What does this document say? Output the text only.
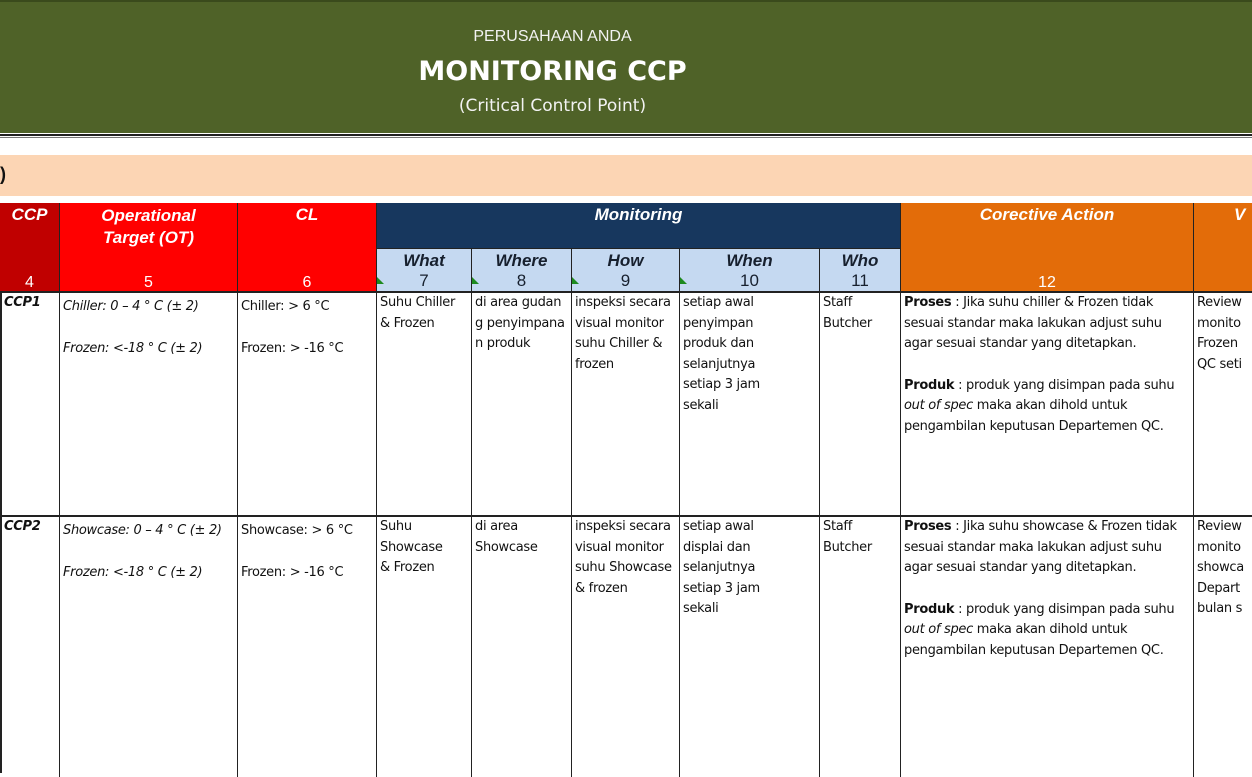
PERUSAHAAN ANDA
MONITORING CCP
(Critical Control Point)
)
CCP
4
Operational Target (OT)
5
CL
6
Monitoring
What
7
Where
8
How
9
When
10
Who
11
Corective Action
12
V
CCP1	Chiller: 0 – 4 ° C (± 2)
Frozen: <-18 ° C (± 2)
Chiller: > 6 °C
Frozen: > -16 °C
Suhu Chiller & Frozen
di area gudang penyimpanan produk
inspeksi secara visual monitor suhu Chiller & frozen
setiap awal penyimpan produk dan selanjutnya setiap 3 jam sekali
Staff Butcher
Proses : Jika suhu chiller & Frozen tidak sesuai standar maka lakukan adjust suhu agar sesuai standar yang ditetapkan.
Produk : produk yang disimpan pada suhu out of spec maka akan dihold untuk pengambilan keputusan Departemen QC.
Review
monito
Frozen
QC seti
CCP2	Showcase: 0 – 4 ° C (± 2)
Frozen: <-18 ° C (± 2)
Showcase: > 6 °C
Frozen: > -16 °C
Suhu Showcase & Frozen
di area Showcase
inspeksi secara visual monitor suhu Showcase & frozen
setiap awal displai dan selanjutnya setiap 3 jam sekali
Staff Butcher
Proses : Jika suhu showcase & Frozen tidak sesuai standar maka lakukan adjust suhu agar sesuai standar yang ditetapkan.
Produk : produk yang disimpan pada suhu out of spec maka akan dihold untuk pengambilan keputusan Departemen QC.
Review
monito
showca
Depart
bulan s
